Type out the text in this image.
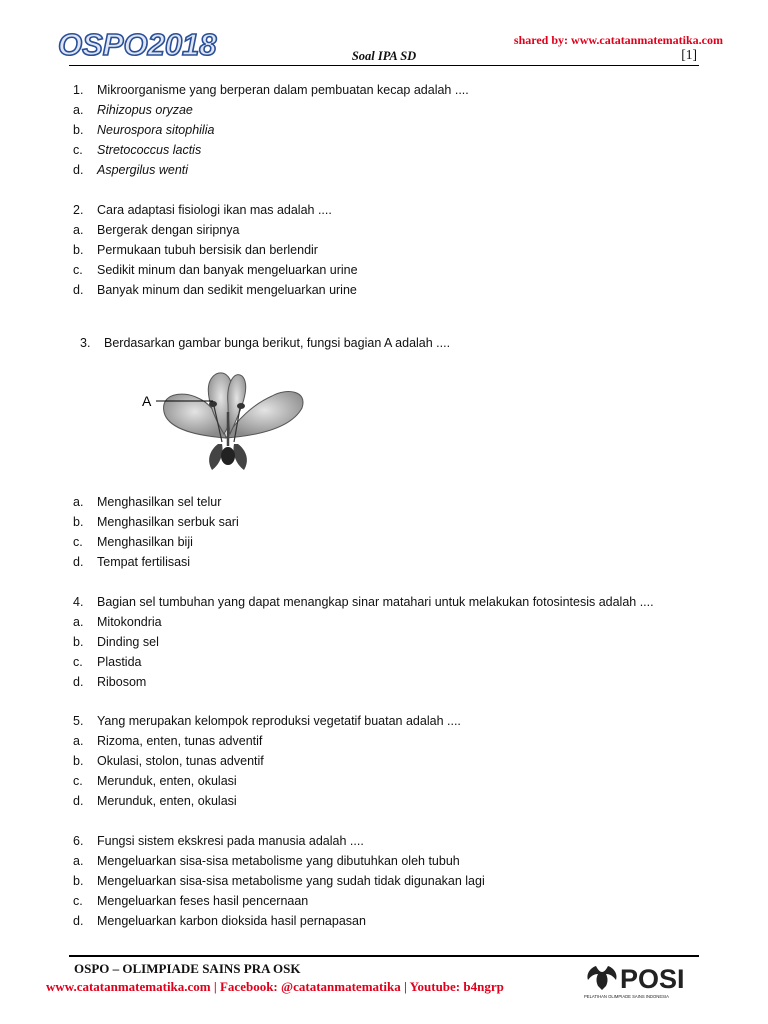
OSPO2018	shared by: www.catatanmatematika.com
Soal IPA SD	[1]
1.	Mikroorganisme yang berperan dalam pembuatan kecap adalah ....
a.	Rihizopus oryzae
b.	Neurospora sitophilia
c.	Stretococcus lactis
d.	Aspergilus wenti
2.	Cara adaptasi fisiologi ikan mas adalah ....
a.	Bergerak dengan siripnya
b.	Permukaan tubuh bersisik dan berlendir
c.	Sedikit minum dan banyak mengeluarkan urine
d.	Banyak minum dan sedikit mengeluarkan urine
3.	Berdasarkan gambar bunga berikut, fungsi bagian A adalah ....
A
a.	Menghasilkan sel telur
b.	Menghasilkan serbuk sari
c.	Menghasilkan biji
d.	Tempat fertilisasi
4.	Bagian sel tumbuhan yang dapat menangkap sinar matahari untuk melakukan fotosintesis adalah ....
a.	Mitokondria
b.	Dinding sel
c.	Plastida
d.	Ribosom
5.	Yang merupakan kelompok reproduksi vegetatif buatan adalah ....
a.	Rizoma, enten, tunas adventif
b.	Okulasi, stolon, tunas adventif
c.	Merunduk, enten, okulasi
d.	Merunduk, enten, okulasi
6.	Fungsi sistem ekskresi pada manusia adalah ....
a.	Mengeluarkan sisa-sisa metabolisme yang dibutuhkan oleh tubuh
b.	Mengeluarkan sisa-sisa metabolisme yang sudah tidak digunakan lagi
c.	Mengeluarkan feses hasil pencernaan
d.	Mengeluarkan karbon dioksida hasil pernapasan
OSPO – OLIMPIADE SAINS PRA OSK
www.catatanmatematika.com | Facebook: @catatanmatematika | Youtube: b4ngrp	POSI
PELATIHAN OLIMPIADE SAINS INDONESIA
